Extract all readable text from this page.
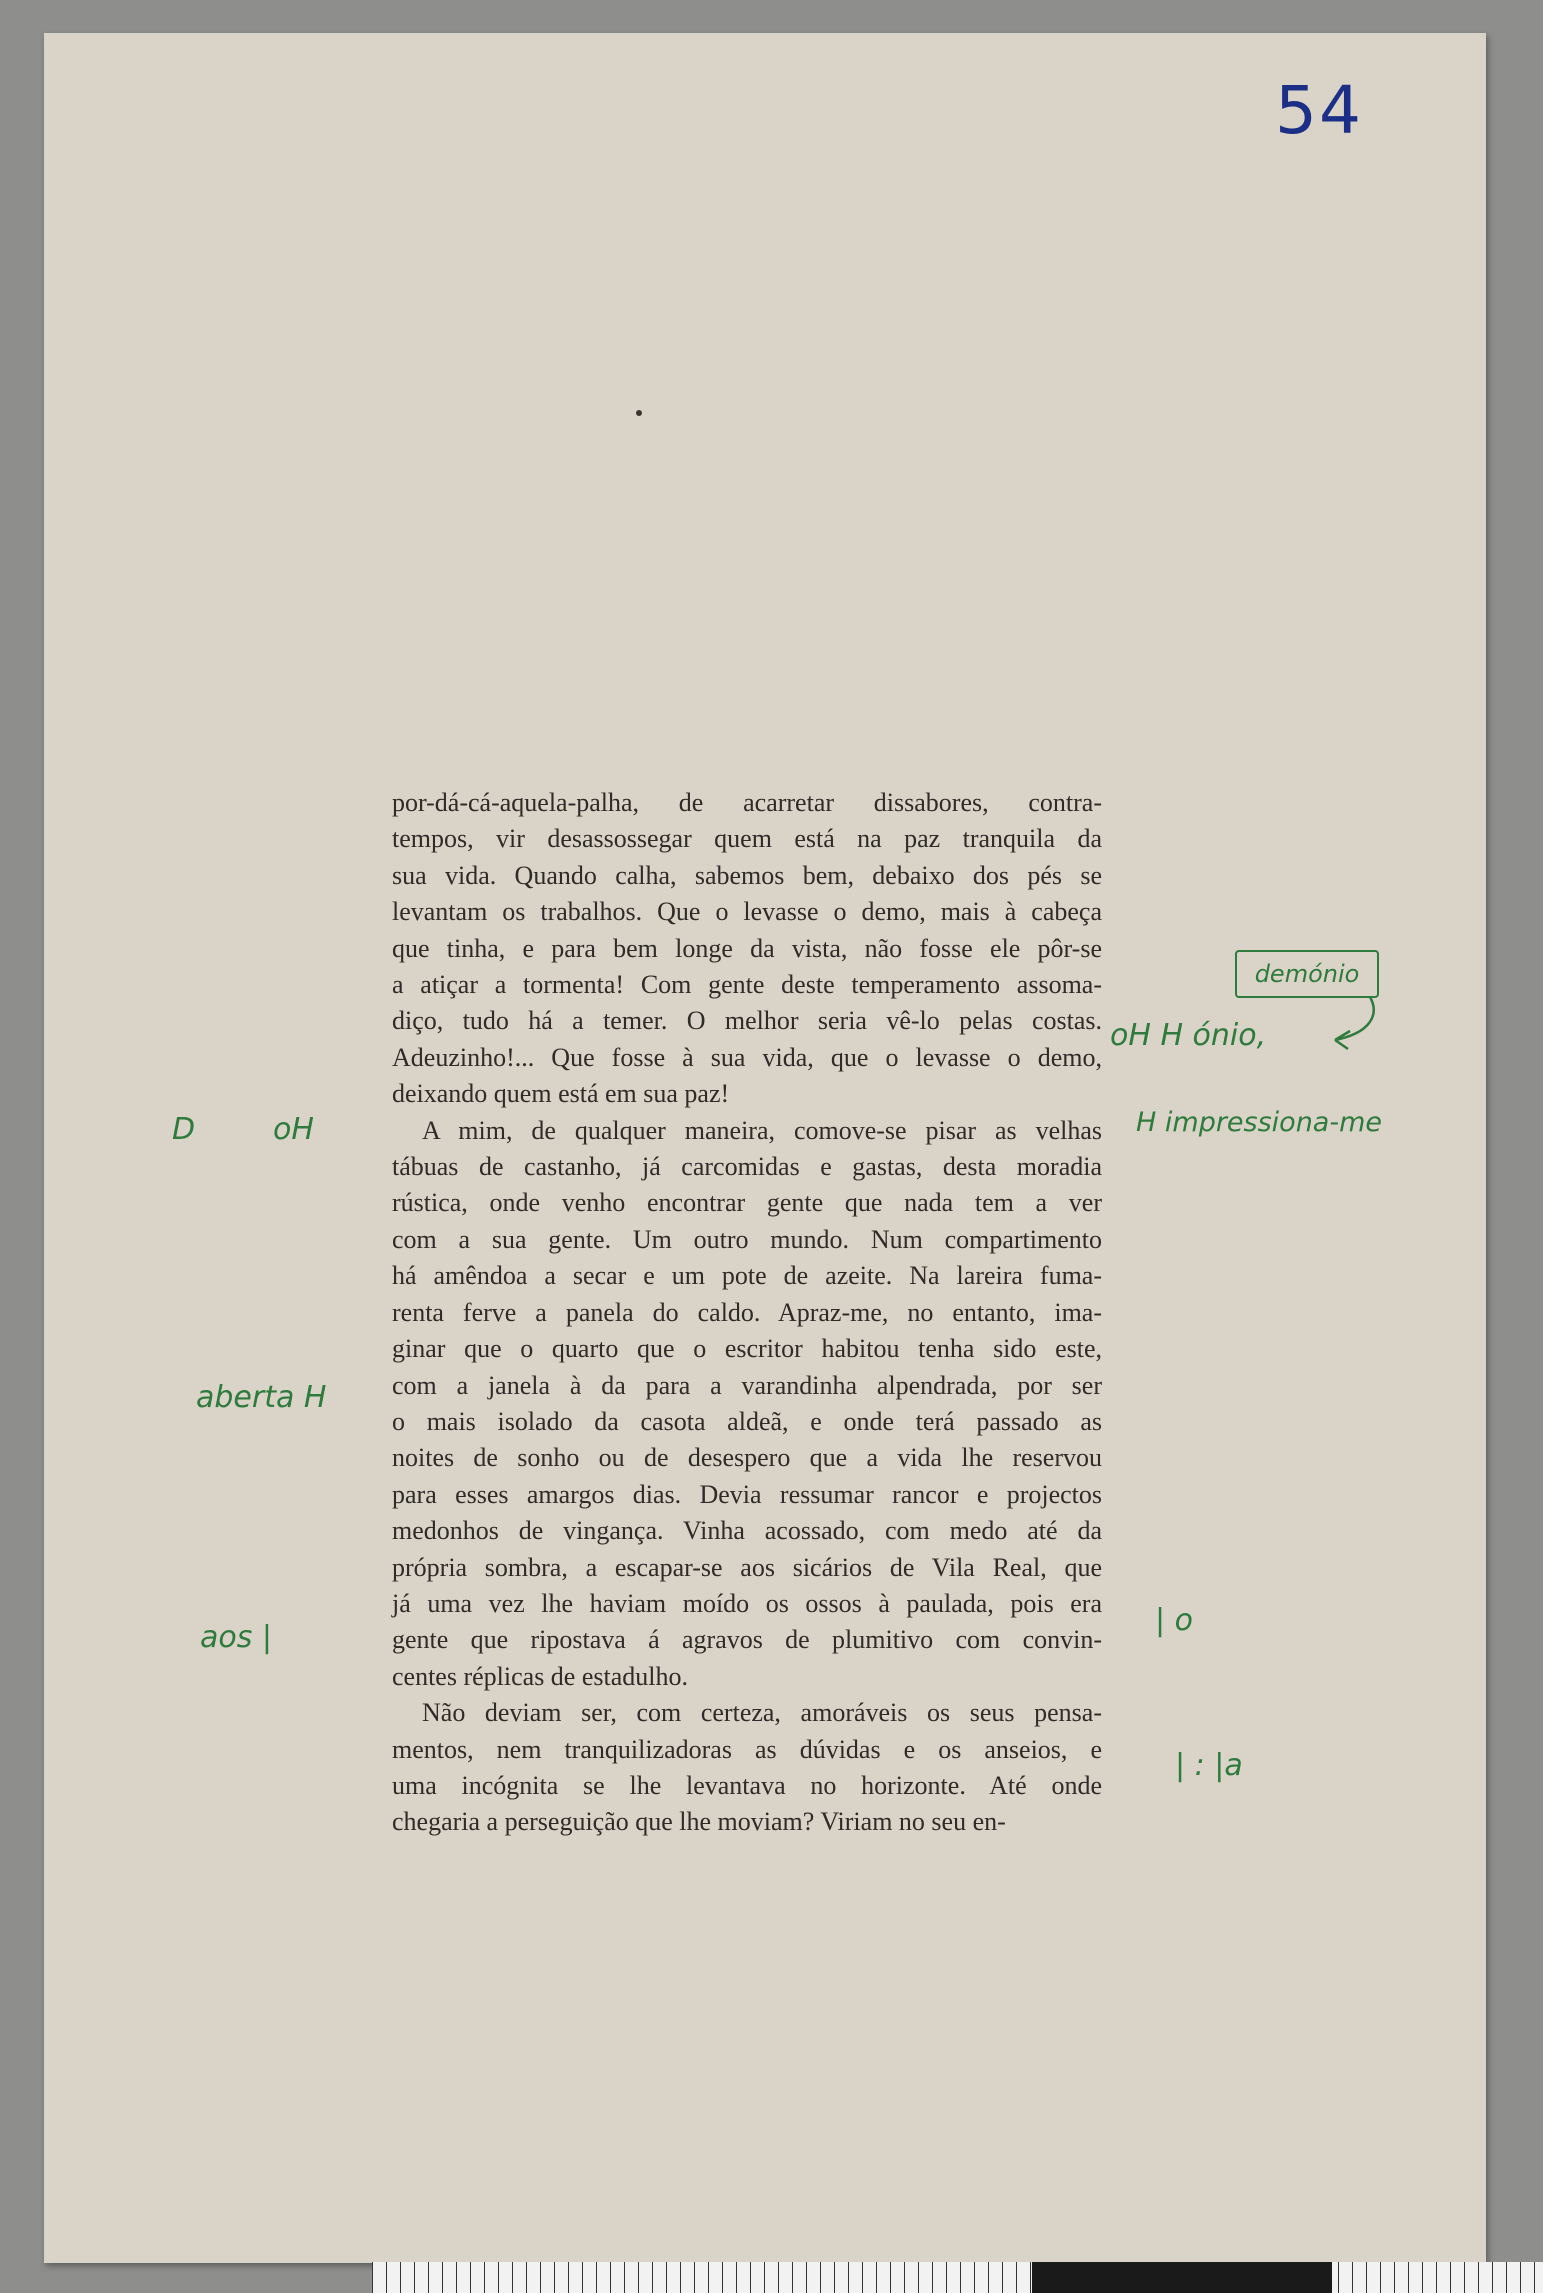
54
por-dá-cá-aquela-palha, de acarretar dissabores, contra-
tempos, vir desassossegar quem está na paz tranquila da
sua vida. Quando calha, sabemos bem, debaixo dos pés se
levantam os trabalhos. Que o levasse o demo, mais à cabeça
que tinha, e para bem longe da vista, não fosse ele pôr-se
a atiçar a tormenta! Com gente deste temperamento assoma-
diço, tudo há a temer. O melhor seria vê-lo pelas costas.
Adeuzinho!... Que fosse à sua vida, que o levasse o demo,
deixando quem está em sua paz!
A mim, de qualquer maneira, comove-se pisar as velhas
tábuas de castanho, já carcomidas e gastas, desta moradia
rústica, onde venho encontrar gente que nada tem a ver
com a sua gente. Um outro mundo. Num compartimento
há amêndoa a secar e um pote de azeite. Na lareira fuma-
renta ferve a panela do caldo. Apraz-me, no entanto, ima-
ginar que o quarto que o escritor habitou tenha sido este,
com a janela à da para a varandinha alpendrada, por ser
o mais isolado da casota aldeã, e onde terá passado as
noites de sonho ou de desespero que a vida lhe reservou
para esses amargos dias. Devia ressumar rancor e projectos
medonhos de vingança. Vinha acossado, com medo até da
própria sombra, a escapar-se aos sicários de Vila Real, que
já uma vez lhe haviam moído os ossos à paulada, pois era
gente que ripostava á agravos de plumitivo com convin-
centes réplicas de estadulho.
Não deviam ser, com certeza, amoráveis os seus pensa-
mentos, nem tranquilizadoras as dúvidas e os anseios, e
uma incógnita se lhe levantava no horizonte. Até onde
chegaria a perseguição que lhe moviam? Viriam no seu en-
demónio
oH H ónio,
D	oH	H impressiona-me
aberta H
aos |	| o
| : |a
